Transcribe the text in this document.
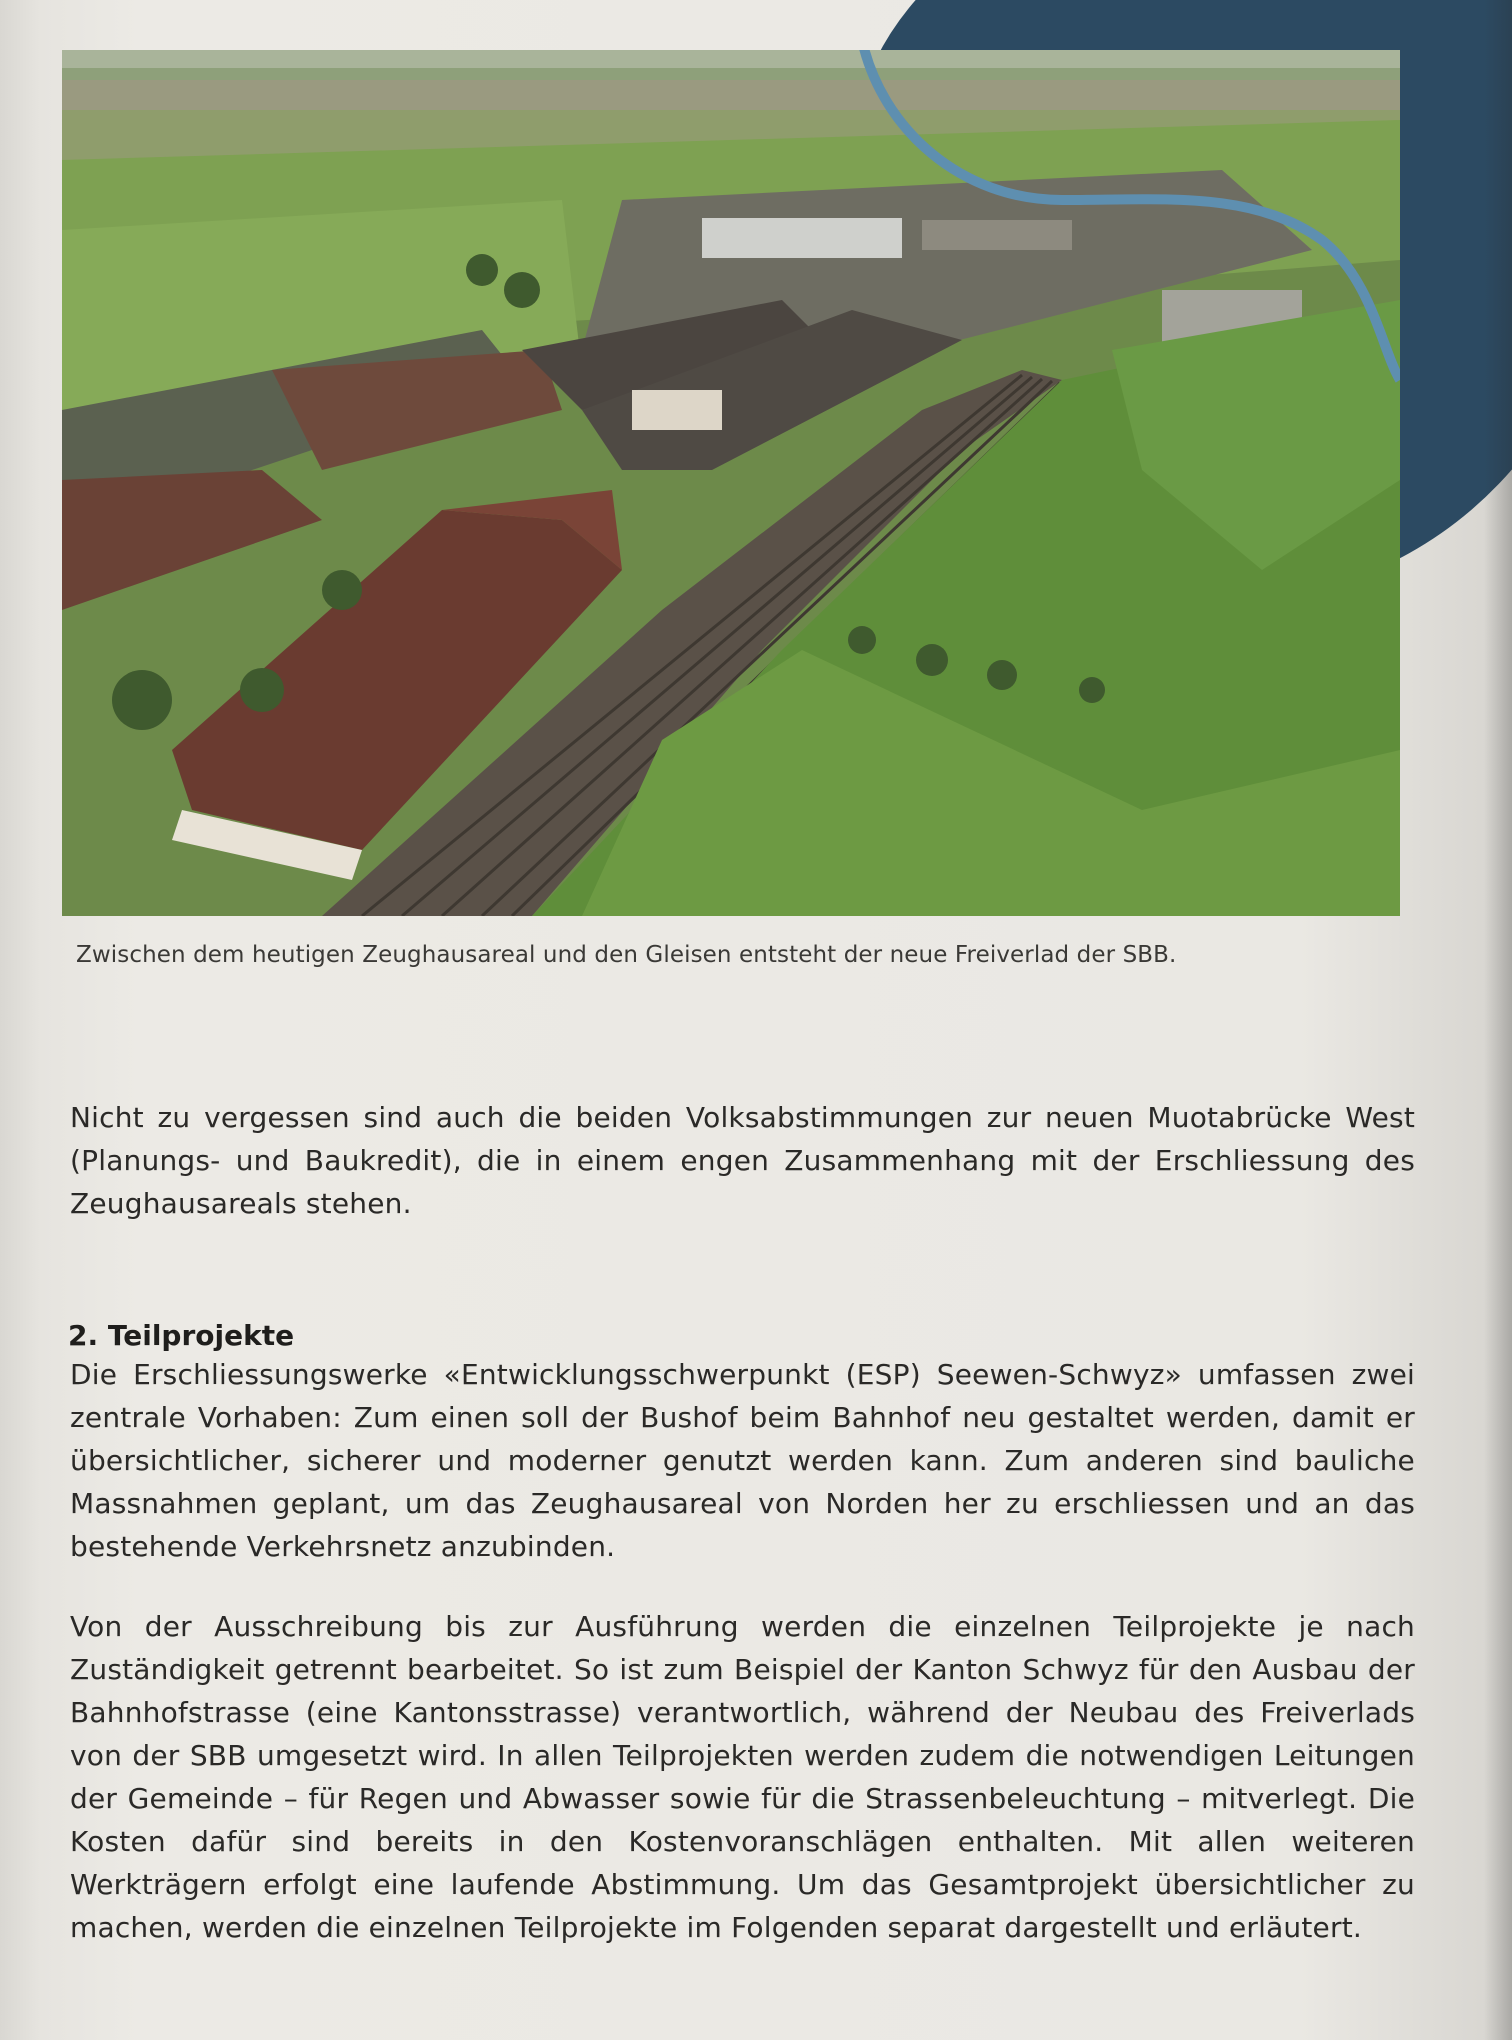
Zwischen dem heutigen Zeughausareal und den Gleisen entsteht der neue Freiverlad der SBB.
Nicht zu vergessen sind auch die beiden Volksabstimmungen zur neuen Muotabrücke West (Planungs- und Baukredit), die in einem engen Zusammenhang mit der Erschliessung des Zeughausareals stehen.
2. Teilprojekte
Die Erschliessungswerke «Entwicklungsschwerpunkt (ESP) Seewen-Schwyz» umfassen zwei zentrale Vorhaben: Zum einen soll der Bushof beim Bahnhof neu gestaltet werden, damit er übersichtlicher, sicherer und moderner genutzt werden kann. Zum anderen sind bauliche Massnahmen geplant, um das Zeughausareal von Norden her zu erschliessen und an das bestehende Verkehrsnetz anzubinden.
Von der Ausschreibung bis zur Ausführung werden die einzelnen Teilprojekte je nach Zuständigkeit getrennt bearbeitet. So ist zum Beispiel der Kanton Schwyz für den Ausbau der Bahnhofstrasse (eine Kantonsstrasse) verantwortlich, während der Neubau des Freiverlads von der SBB umgesetzt wird. In allen Teilprojekten werden zudem die notwendigen Leitungen der Gemeinde – für Regen und Abwasser sowie für die Strassenbeleuchtung – mitverlegt. Die Kosten dafür sind bereits in den Kostenvoranschlägen enthalten. Mit allen weiteren Werkträgern erfolgt eine laufende Abstimmung. Um das Gesamtprojekt übersichtlicher zu machen, werden die einzelnen Teilprojekte im Folgenden separat dargestellt und erläutert.
